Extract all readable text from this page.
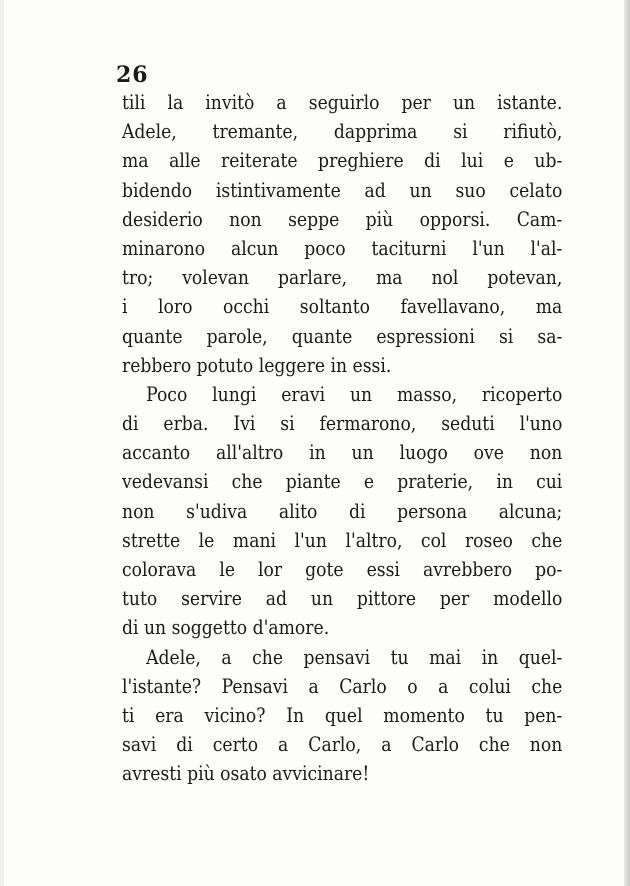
26
tili la invitò a seguirlo per un istante.
Adele, tremante, dapprima si rifiutò,
ma alle reiterate preghiere di lui e ub-
bidendo istintivamente ad un suo celato
desiderio non seppe più opporsi. Cam-
minarono alcun poco taciturni l'un l'al-
tro; volevan parlare, ma nol potevan,
i loro occhi soltanto favellavano, ma
quante parole, quante espressioni si sa-
rebbero potuto leggere in essi.
Poco lungi eravi un masso, ricoperto
di erba. Ivi si fermarono, seduti l'uno
accanto all'altro in un luogo ove non
vedevansi che piante e praterie, in cui
non s'udiva alito di persona alcuna;
strette le mani l'un l'altro, col roseo che
colorava le lor gote essi avrebbero po-
tuto servire ad un pittore per modello
di un soggetto d'amore.
Adele, a che pensavi tu mai in quel-
l'istante? Pensavi a Carlo o a colui che
ti era vicino? In quel momento tu pen-
savi di certo a Carlo, a Carlo che non
avresti più osato avvicinare!
